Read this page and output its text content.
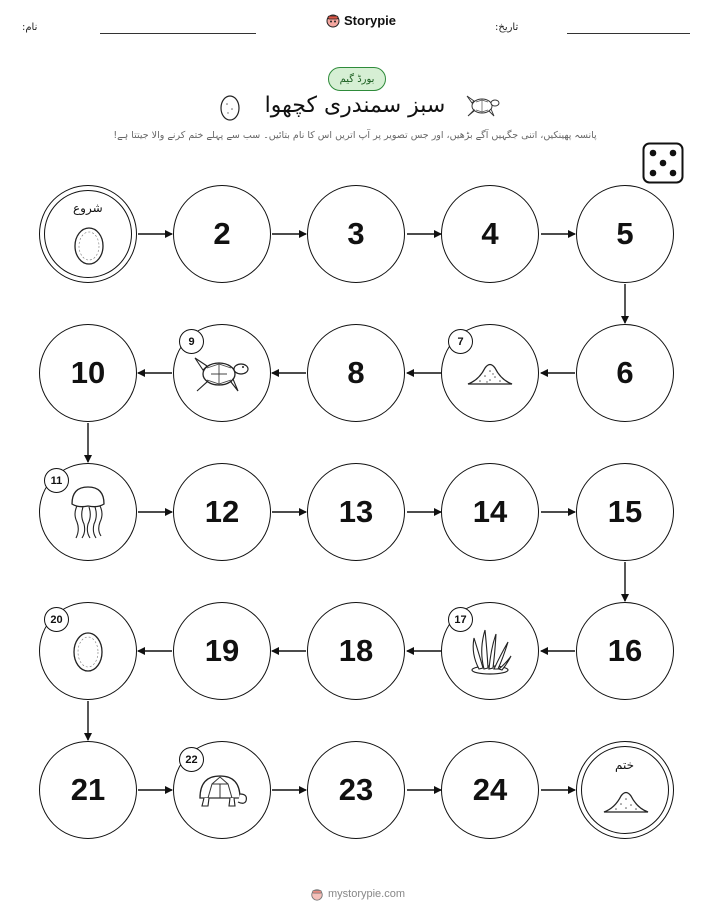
نام:	Storypie	تاریخ:
بورڈ گیم
سبز سمندری کچھوا
پانسہ پھینکیں، اتنی جگہیں آگے بڑھیں، اور جس تصویر پر آپ اتریں اس کا نام بتائیں۔ سب سے پہلے ختم کرنے والا جیتتا ہے!
شروع
2	3	4	5
10
9
8
7
6
11
12	13	14	15
20
19	18
17
16
21
22
23	24
ختم
mystorypie.com
